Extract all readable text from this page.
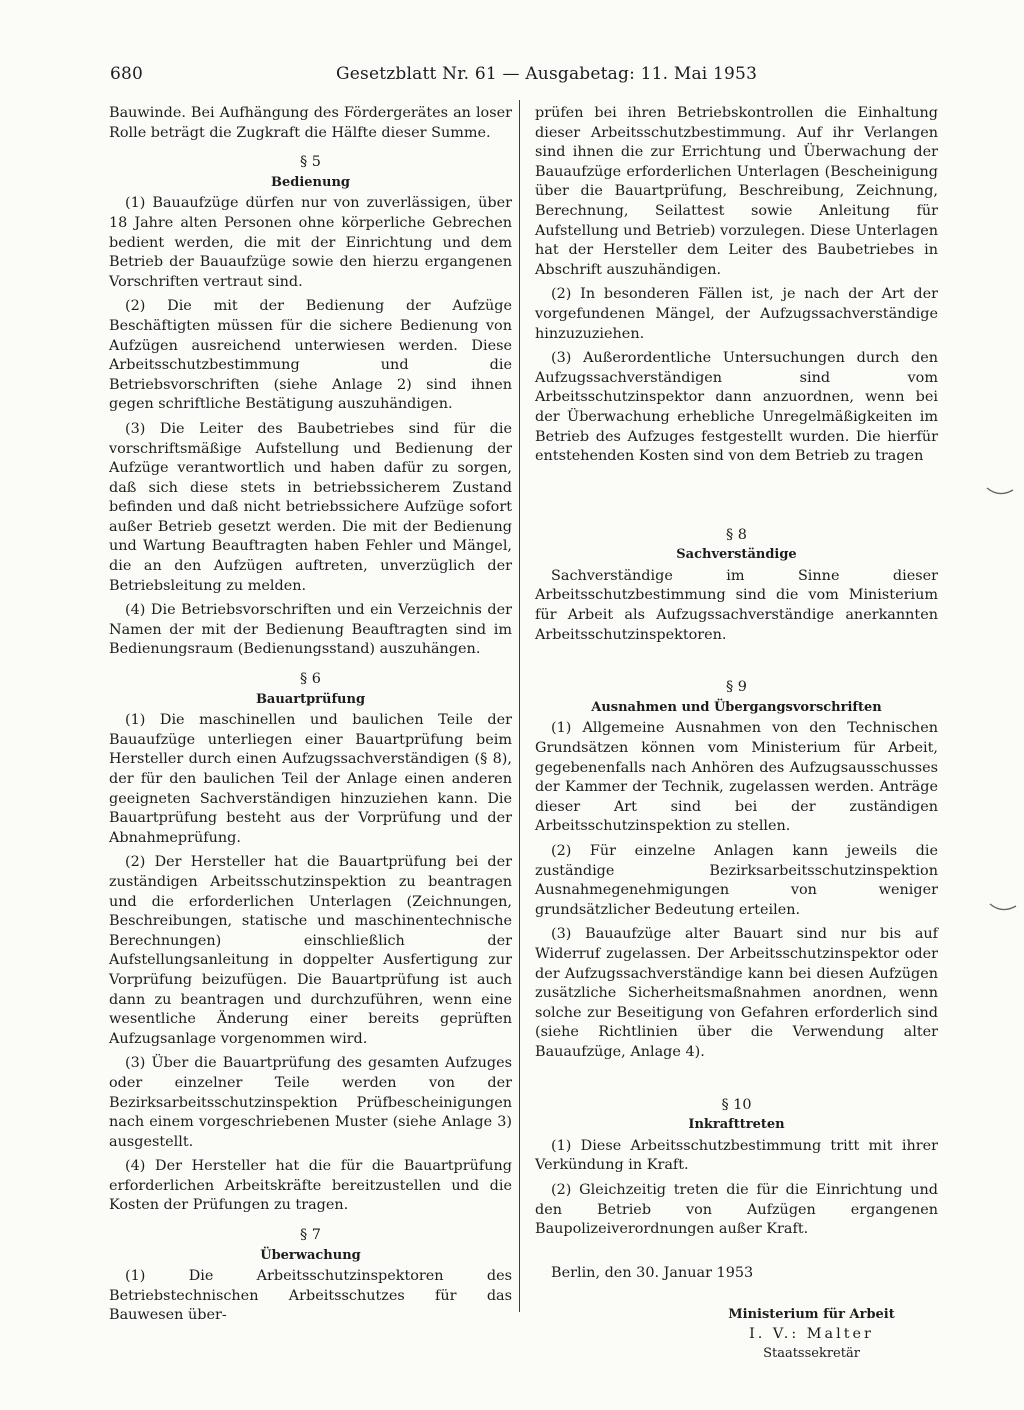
680	Gesetzblatt Nr. 61 — Ausgabetag: 11. Mai 1953

Bauwinde. Bei Aufhängung des Fördergerätes an loser Rolle beträgt die Zugkraft die Hälfte dieser Summe.

§ 5
Bedienung

(1) Bauaufzüge dürfen nur von zuverlässigen, über 18 Jahre alten Personen ohne körperliche Gebrechen bedient werden, die mit der Einrichtung und dem Betrieb der Bauaufzüge sowie den hierzu ergangenen Vorschriften vertraut sind.

(2) Die mit der Bedienung der Aufzüge Beschäftigten müssen für die sichere Bedienung von Aufzügen ausreichend unterwiesen werden. Diese Arbeitsschutzbestimmung und die Betriebsvorschriften (siehe Anlage 2) sind ihnen gegen schriftliche Bestätigung auszuhändigen.

(3) Die Leiter des Baubetriebes sind für die vorschriftsmäßige Aufstellung und Bedienung der Aufzüge verantwortlich und haben dafür zu sorgen, daß sich diese stets in betriebssicherem Zustand befinden und daß nicht betriebssichere Aufzüge sofort außer Betrieb gesetzt werden. Die mit der Bedienung und Wartung Beauftragten haben Fehler und Mängel, die an den Aufzügen auftreten, unverzüglich der Betriebsleitung zu melden.

(4) Die Betriebsvorschriften und ein Verzeichnis der Namen der mit der Bedienung Beauftragten sind im Bedienungsraum (Bedienungsstand) auszuhängen.

§ 6
Bauartprüfung

(1) Die maschinellen und baulichen Teile der Bauaufzüge unterliegen einer Bauartprüfung beim Hersteller durch einen Aufzugssachverständigen (§ 8), der für den baulichen Teil der Anlage einen anderen geeigneten Sachverständigen hinzuziehen kann. Die Bauartprüfung besteht aus der Vorprüfung und der Abnahmeprüfung.

(2) Der Hersteller hat die Bauartprüfung bei der zuständigen Arbeitsschutzinspektion zu beantragen und die erforderlichen Unterlagen (Zeichnungen, Beschreibungen, statische und maschinentechnische Berechnungen) einschließlich der Aufstellungsanleitung in doppelter Ausfertigung zur Vorprüfung beizufügen. Die Bauartprüfung ist auch dann zu beantragen und durchzuführen, wenn eine wesentliche Änderung einer bereits geprüften Aufzugsanlage vorgenommen wird.

(3) Über die Bauartprüfung des gesamten Aufzuges oder einzelner Teile werden von der Bezirksarbeitsschutzinspektion Prüfbescheinigungen nach einem vorgeschriebenen Muster (siehe Anlage 3) ausgestellt.

(4) Der Hersteller hat die für die Bauartprüfung erforderlichen Arbeitskräfte bereitzustellen und die Kosten der Prüfungen zu tragen.

§ 7
Überwachung

(1) Die Arbeitsschutzinspektoren des Betriebstechnischen Arbeitsschutzes für das Bauwesen über-

prüfen bei ihren Betriebskontrollen die Einhaltung dieser Arbeitsschutzbestimmung. Auf ihr Verlangen sind ihnen die zur Errichtung und Überwachung der Bauaufzüge erforderlichen Unterlagen (Bescheinigung über die Bauartprüfung, Beschreibung, Zeichnung, Berechnung, Seilattest sowie Anleitung für Aufstellung und Betrieb) vorzulegen. Diese Unterlagen hat der Hersteller dem Leiter des Baubetriebes in Abschrift auszuhändigen.

(2) In besonderen Fällen ist, je nach der Art der vorgefundenen Mängel, der Aufzugssachverständige hinzuzuziehen.

(3) Außerordentliche Untersuchungen durch den Aufzugssachverständigen sind vom Arbeitsschutzinspektor dann anzuordnen, wenn bei der Überwachung erhebliche Unregelmäßigkeiten im Betrieb des Aufzuges festgestellt wurden. Die hierfür entstehenden Kosten sind von dem Betrieb zu tragen

§ 8
Sachverständige

Sachverständige im Sinne dieser Arbeitsschutzbestimmung sind die vom Ministerium für Arbeit als Aufzugssachverständige anerkannten Arbeitsschutzinspektoren.

§ 9
Ausnahmen und Übergangsvorschriften

(1) Allgemeine Ausnahmen von den Technischen Grundsätzen können vom Ministerium für Arbeit, gegebenenfalls nach Anhören des Aufzugsausschusses der Kammer der Technik, zugelassen werden. Anträge dieser Art sind bei der zuständigen Arbeitsschutzinspektion zu stellen.

(2) Für einzelne Anlagen kann jeweils die zuständige Bezirksarbeitsschutzinspektion Ausnahmegenehmigungen von weniger grundsätzlicher Bedeutung erteilen.

(3) Bauaufzüge alter Bauart sind nur bis auf Widerruf zugelassen. Der Arbeitsschutzinspektor oder der Aufzugssachverständige kann bei diesen Aufzügen zusätzliche Sicherheitsmaßnahmen anordnen, wenn solche zur Beseitigung von Gefahren erforderlich sind (siehe Richtlinien über die Verwendung alter Bauaufzüge, Anlage 4).

§ 10
Inkrafttreten

(1) Diese Arbeitsschutzbestimmung tritt mit ihrer Verkündung in Kraft.

(2) Gleichzeitig treten die für die Einrichtung und den Betrieb von Aufzügen ergangenen Baupolizeiverordnungen außer Kraft.

Berlin, den 30. Januar 1953

Ministerium für Arbeit

I. V.: Malter

Staatssekretär
